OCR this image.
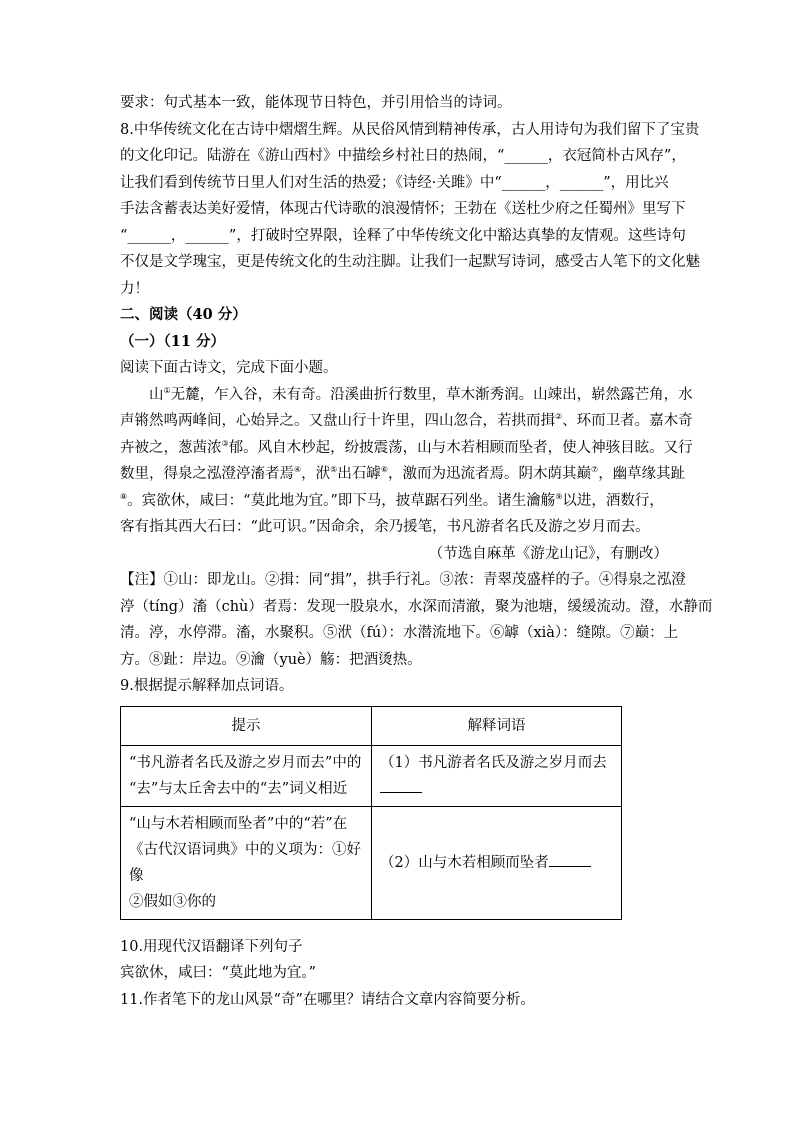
要求：句式基本一致，能体现节日特色，并引用恰当的诗词。
8.中华传统文化在古诗中熠熠生辉。从民俗风情到精神传承，古人用诗句为我们留下了宝贵
的文化印记。陆游在《游山西村》中描绘乡村社日的热闹，“______，衣冠简朴古风存”，
让我们看到传统节日里人们对生活的热爱；《诗经·关雎》中“______，______”，用比兴
手法含蓄表达美好爱情，体现古代诗歌的浪漫情怀；王勃在《送杜少府之任蜀州》里写下
“______，______”，打破时空界限，诠释了中华传统文化中豁达真挚的友情观。这些诗句
不仅是文学瑰宝，更是传统文化的生动注脚。让我们一起默写诗词，感受古人笔下的文化魅
力！
二、阅读（40 分）
（一）（11 分）
阅读下面古诗文，完成下面小题。
山①无麓，乍入谷，未有奇。沿溪曲折行数里，草木渐秀润。山竦出，崭然露芒角，水
声锵然鸣两峰间，心始异之。又盘山行十许里，四山忽合，若拱而揖②、环而卫者。嘉木奇
卉被之，葱茜浓③郁。风自木杪起，纷披震荡，山与木若相顾而坠者，使人神骇目眩。又行
数里，得泉之泓澄渟滀者焉④，洑⑤出石罅⑥，激而为迅流者焉。阴木荫其巅⑦，幽草缘其趾
⑧。宾欲休，咸曰：“莫此地为宜。”即下马，披草踞石列坐。诸生瀹觞⑨以进，酒数行，
客有指其西大石曰：“此可识。”因命余，余乃援笔，书凡游者名氏及游之岁月而去。
（节选自麻革《游龙山记》，有删改）
【注】①山：即龙山。②揖：同“揖”，拱手行礼。③浓：青翠茂盛样的子。④得泉之泓澄
渟（tíng）滀（chù）者焉：发现一股泉水，水深而清澈，聚为池塘，缓缓流动。澄，水静而
清。渟，水停滞。滀，水聚积。⑤洑（fú）：水潜流地下。⑥罅（xià）：缝隙。⑦巅：上
方。⑧趾：岸边。⑨瀹（yuè）觞：把酒烫热。
9.根据提示解释加点词语。
提示	解释词语

“书凡游者名氏及游之岁月而去”中的
“去”与太丘舍去中的“去”词义相近	（1）书凡游者名氏及游之岁月而去

“山与木若相顾而坠者”中的“若”在
《古代汉语词典》中的义项为：①好像
②假如③你的	（2）山与木若相顾而坠者
10.用现代汉语翻译下列句子
宾欲休，咸曰：“莫此地为宜。”
11.作者笔下的龙山风景“奇”在哪里？请结合文章内容简要分析。
